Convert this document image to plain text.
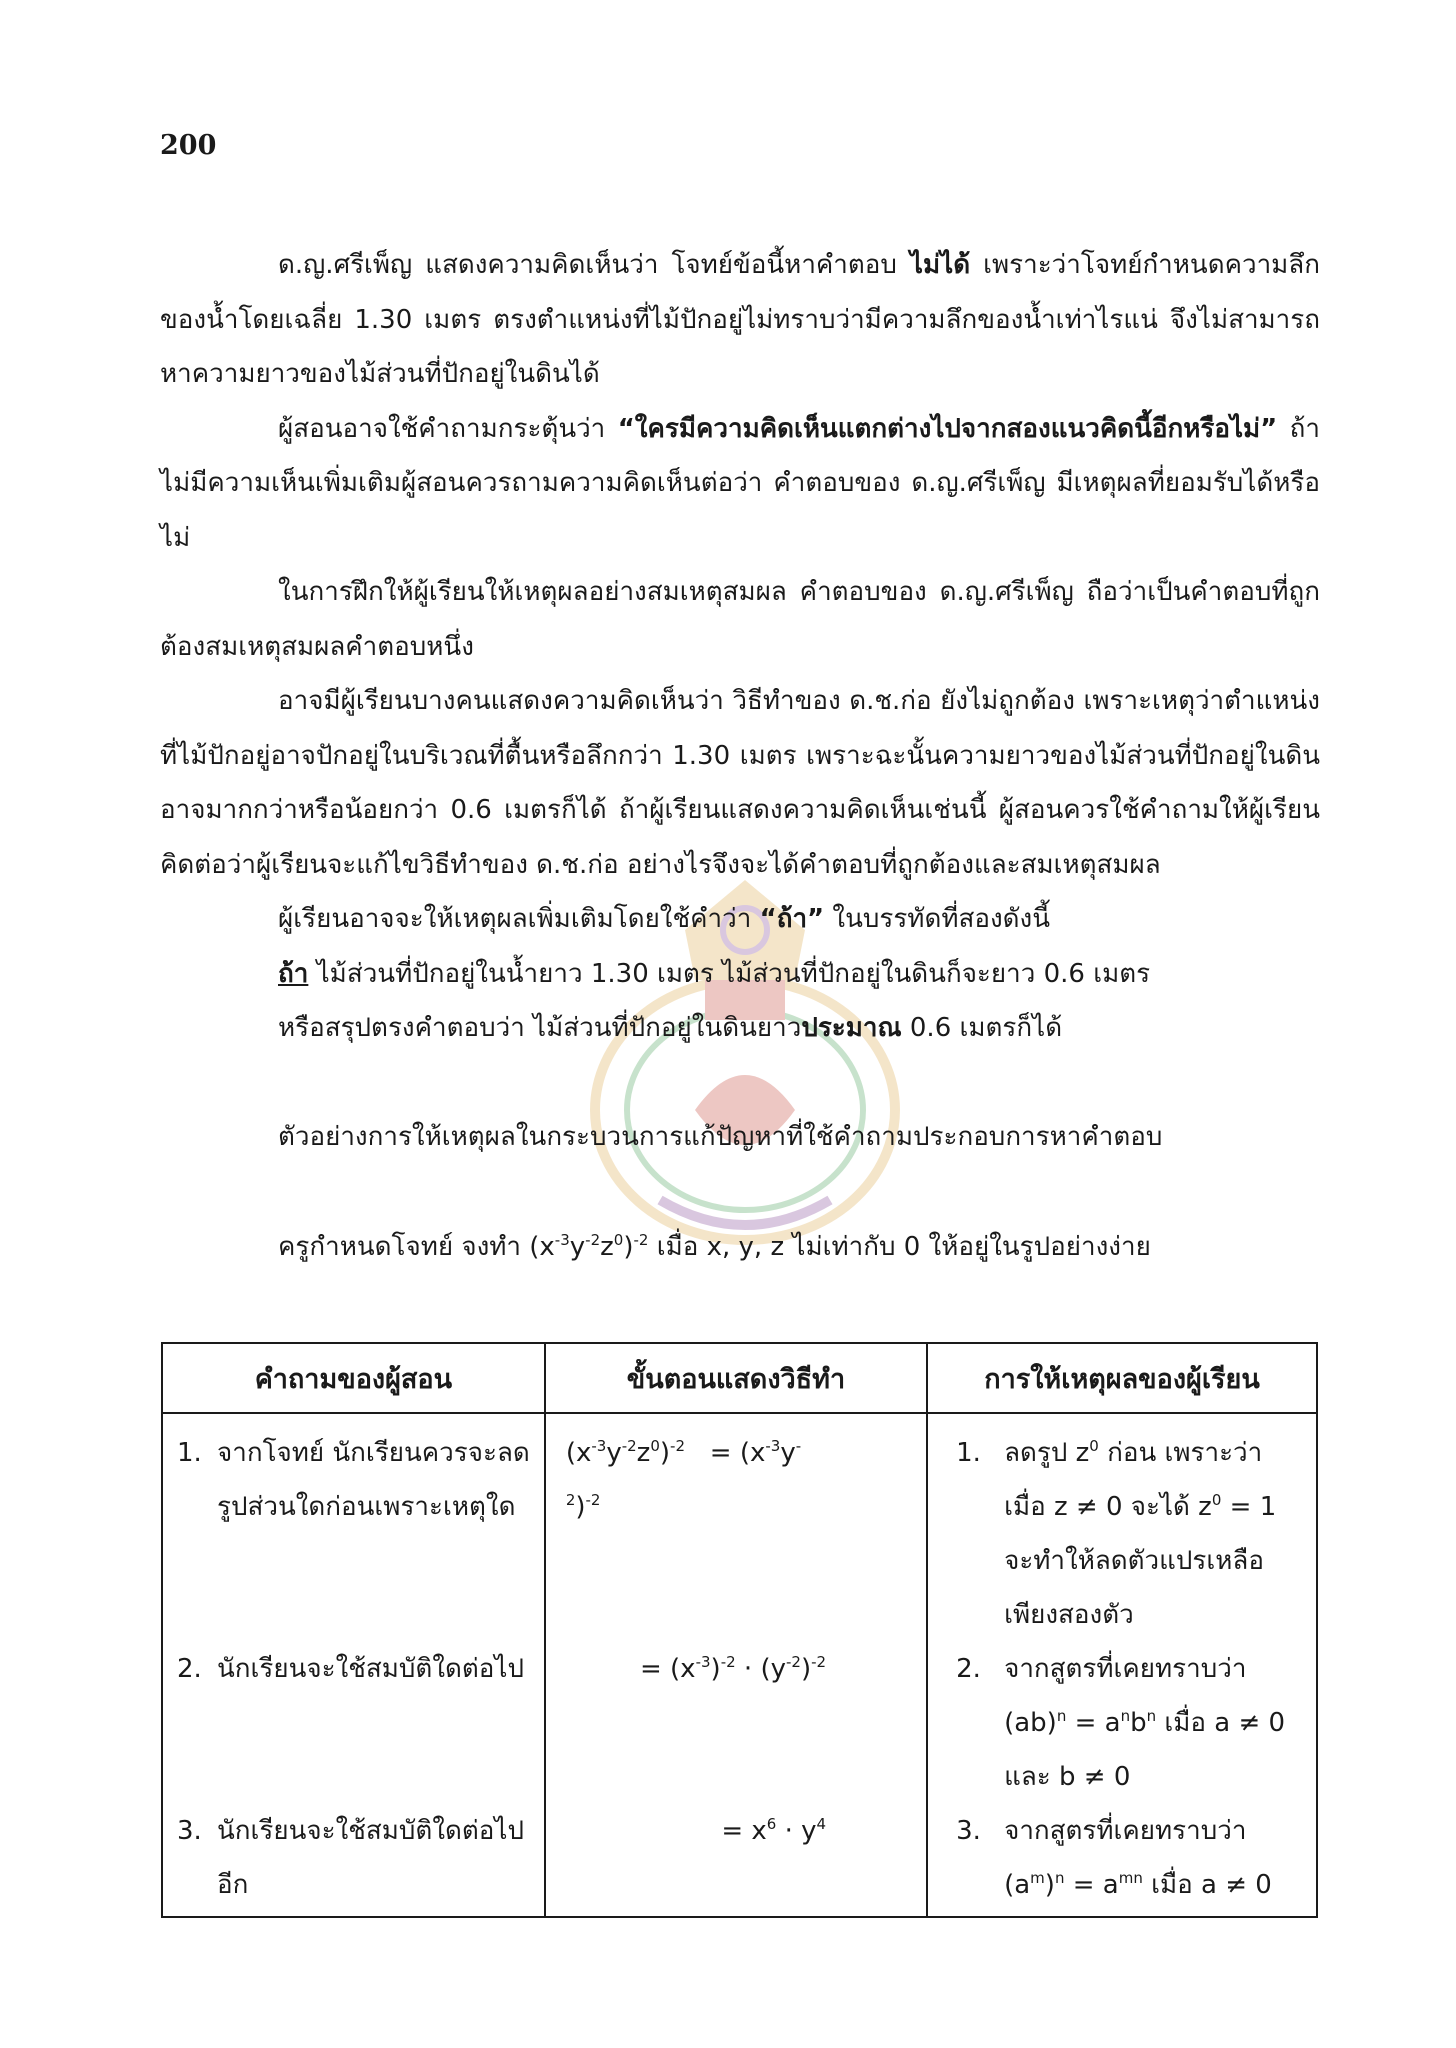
200

ด.ญ.ศรีเพ็ญ แสดงความคิดเห็นว่า โจทย์ข้อนี้หาคำตอบ ไม่ได้ เพราะว่าโจทย์กำหนดความลึกของน้ำโดยเฉลี่ย 1.30 เมตร ตรงตำแหน่งที่ไม้ปักอยู่ไม่ทราบว่ามีความลึกของน้ำเท่าไรแน่ จึงไม่สามารถหาความยาวของไม้ส่วนที่ปักอยู่ในดินได้

ผู้สอนอาจใช้คำถามกระตุ้นว่า “ใครมีความคิดเห็นแตกต่างไปจากสองแนวคิดนี้อีกหรือไม่” ถ้าไม่มีความเห็นเพิ่มเติมผู้สอนควรถามความคิดเห็นต่อว่า คำตอบของ ด.ญ.ศรีเพ็ญ มีเหตุผลที่ยอมรับได้หรือไม่

ในการฝึกให้ผู้เรียนให้เหตุผลอย่างสมเหตุสมผล คำตอบของ ด.ญ.ศรีเพ็ญ ถือว่าเป็นคำตอบที่ถูกต้องสมเหตุสมผลคำตอบหนึ่ง

อาจมีผู้เรียนบางคนแสดงความคิดเห็นว่า วิธีทำของ ด.ช.ก่อ ยังไม่ถูกต้อง เพราะเหตุว่าตำแหน่งที่ไม้ปักอยู่อาจปักอยู่ในบริเวณที่ตื้นหรือลึกกว่า 1.30 เมตร เพราะฉะนั้นความยาวของไม้ส่วนที่ปักอยู่ในดินอาจมากกว่าหรือน้อยกว่า 0.6 เมตรก็ได้ ถ้าผู้เรียนแสดงความคิดเห็นเช่นนี้ ผู้สอนควรใช้คำถามให้ผู้เรียนคิดต่อว่าผู้เรียนจะแก้ไขวิธีทำของ ด.ช.ก่อ อย่างไรจึงจะได้คำตอบที่ถูกต้องและสมเหตุสมผล

ผู้เรียนอาจจะให้เหตุผลเพิ่มเติมโดยใช้คำว่า “ถ้า” ในบรรทัดที่สองดังนี้

ถ้า ไม้ส่วนที่ปักอยู่ในน้ำยาว 1.30 เมตร ไม้ส่วนที่ปักอยู่ในดินก็จะยาว 0.6 เมตร

หรือสรุปตรงคำตอบว่า ไม้ส่วนที่ปักอยู่ในดินยาวประมาณ 0.6 เมตรก็ได้

ตัวอย่างการให้เหตุผลในกระบวนการแก้ปัญหาที่ใช้คำถามประกอบการหาคำตอบ

ครูกำหนดโจทย์ จงทำ $(x^{-3}y^{-2}z^0)^{-2}$ เมื่อ x, y, z ไม่เท่ากับ 0 ให้อยู่ในรูปอย่างง่าย

คำถามของผู้สอน	ขั้นตอนแสดงวิธีทำ	การให้เหตุผลของผู้เรียน

1. จากโจทย์ นักเรียนควรจะลดรูปส่วนใดก่อนเพราะเหตุใด	$(x^{-3}y^{-2}z^0)^{-2} = (x^{-3}y^{-2})^{-2}$	1. ลดรูป $z^0$ ก่อน เพราะว่า เมื่อ z ≠ 0 จะได้ $z^0 = 1$ จะทำให้ลดตัวแปรเหลือเพียงสองตัว

2. นักเรียนจะใช้สมบัติใดต่อไป	= $(x^{-3})^{-2} \cdot (y^{-2})^{-2}$	2. จากสูตรที่เคยทราบว่า
$(ab)^n = a^nb^n$ เมื่อ a ≠ 0
และ b ≠ 0

3. นักเรียนจะใช้สมบัติใดต่อไปอีก	= $x^6 \cdot y^4$	3. จากสูตรที่เคยทราบว่า
$(a^m)^n = a^{mn}$ เมื่อ a ≠ 0
